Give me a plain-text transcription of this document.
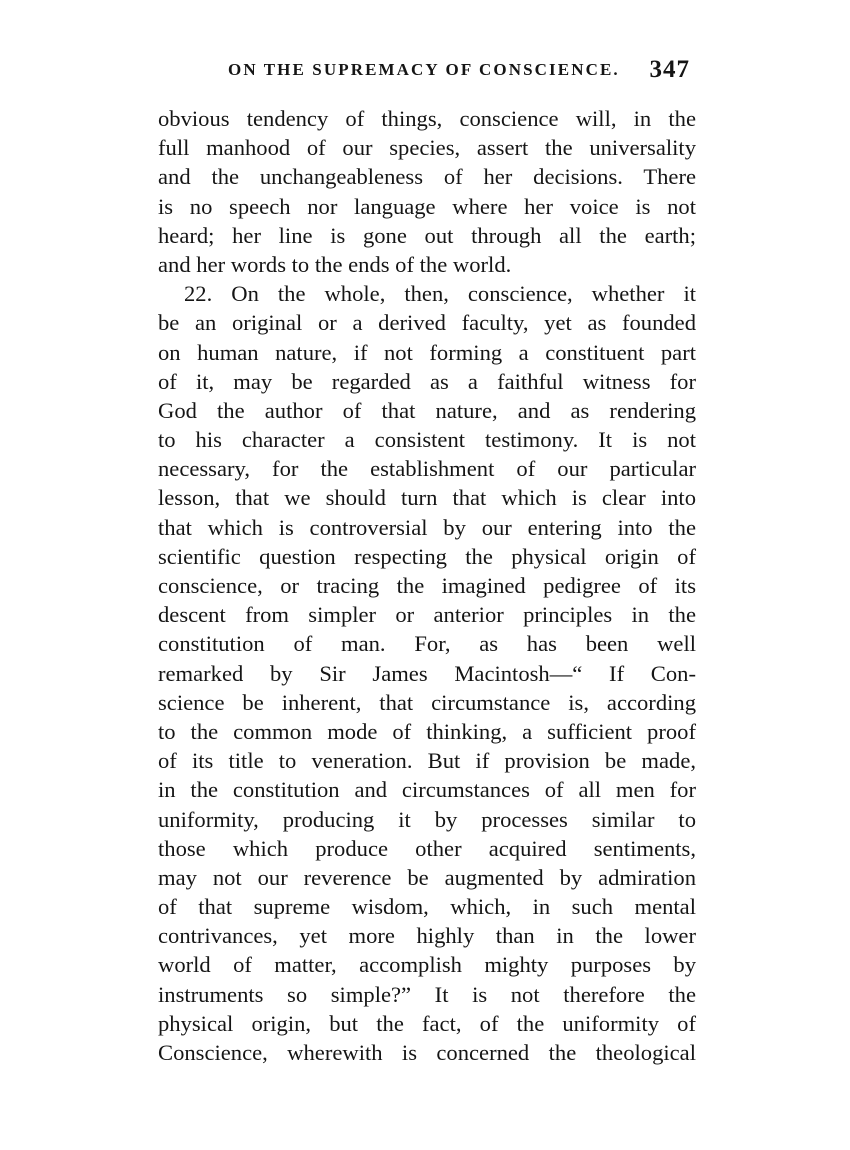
ON THE SUPREMACY OF CONSCIENCE. 347
obvious tendency of things, conscience will, in the
full manhood of our species, assert the universality
and the unchangeableness of her decisions. There
is no speech nor language where her voice is not
heard; her line is gone out through all the earth;
and her words to the ends of the world.
22. On the whole, then, conscience, whether it
be an original or a derived faculty, yet as founded
on human nature, if not forming a constituent part
of it, may be regarded as a faithful witness for
God the author of that nature, and as rendering
to his character a consistent testimony. It is not
necessary, for the establishment of our particular
lesson, that we should turn that which is clear into
that which is controversial by our entering into the
scientific question respecting the physical origin of
conscience, or tracing the imagined pedigree of its
descent from simpler or anterior principles in the
constitution of man. For, as has been well
remarked by Sir James Macintosh—“ If Con-
science be inherent, that circumstance is, according
to the common mode of thinking, a sufficient proof
of its title to veneration. But if provision be made,
in the constitution and circumstances of all men for
uniformity, producing it by processes similar to
those which produce other acquired sentiments,
may not our reverence be augmented by admiration
of that supreme wisdom, which, in such mental
contrivances, yet more highly than in the lower
world of matter, accomplish mighty purposes by
instruments so simple?” It is not therefore the
physical origin, but the fact, of the uniformity of
Conscience, wherewith is concerned the theological
